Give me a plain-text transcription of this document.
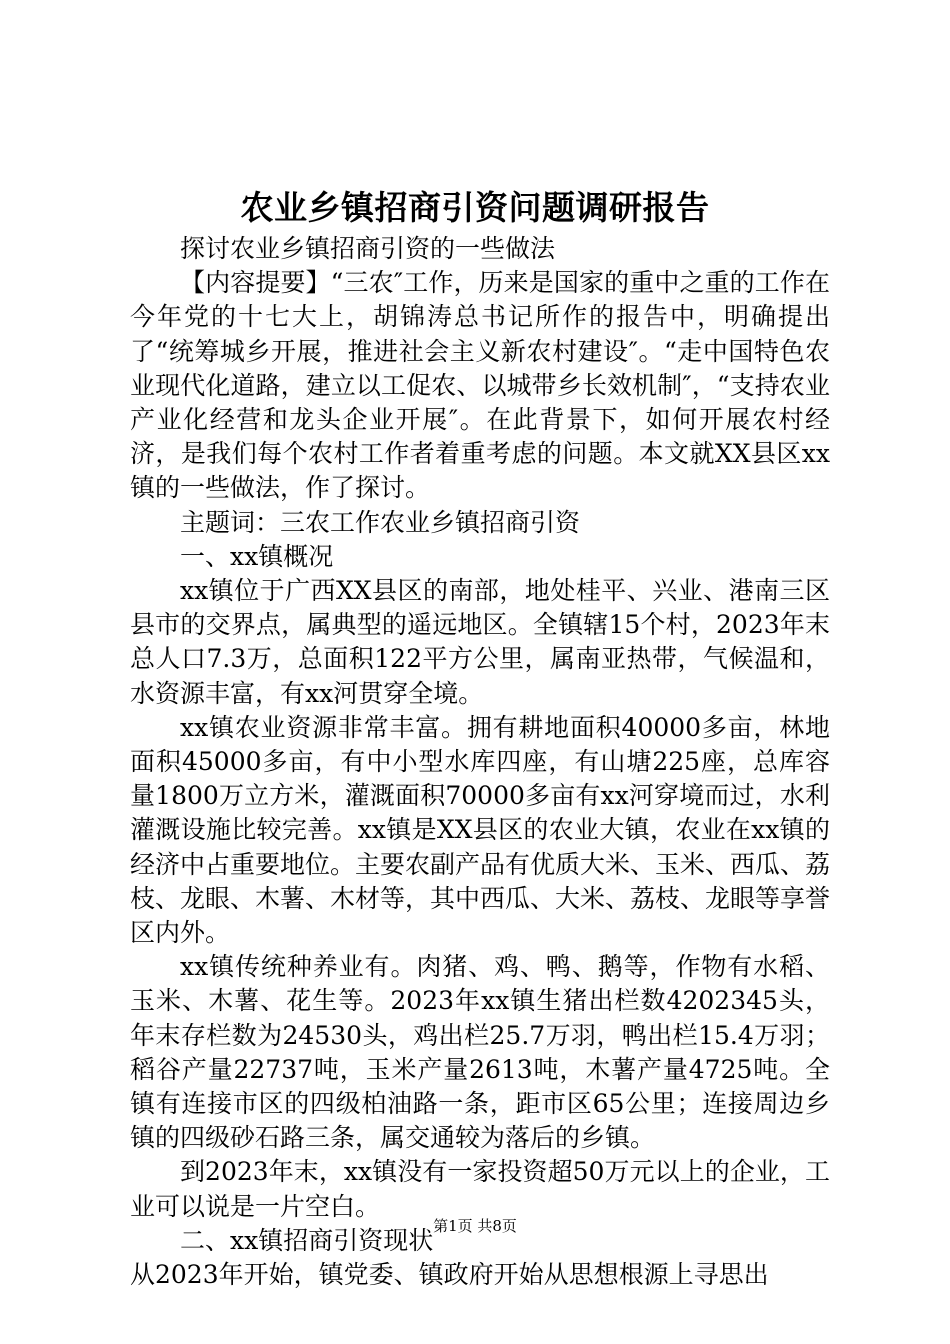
农业乡镇招商引资问题调研报告

探讨农业乡镇招商引资的一些做法

【内容提要】“三农″工作，历来是国家的重中之重的工作在今年党的十七大上，胡锦涛总书记所作的报告中，明确提出了“统筹城乡开展，推进社会主义新农村建设″。“走中国特色农业现代化道路，建立以工促农、以城带乡长效机制″，“支持农业产业化经营和龙头企业开展″。在此背景下，如何开展农村经济，是我们每个农村工作者着重考虑的问题。本文就XX县区xx镇的一些做法，作了探讨。

主题词：三农工作农业乡镇招商引资

一、xx镇概况

xx镇位于广西XX县区的南部，地处桂平、兴业、港南三区县市的交界点，属典型的遥远地区。全镇辖15个村，2023年末总人口7.3万，总面积122平方公里，属南亚热带，气候温和，水资源丰富，有xx河贯穿全境。

xx镇农业资源非常丰富。拥有耕地面积40000多亩，林地面积45000多亩，有中小型水库四座，有山塘225座，总库容量1800万立方米，灌溉面积70000多亩有xx河穿境而过，水利灌溉设施比较完善。xx镇是XX县区的农业大镇，农业在xx镇的经济中占重要地位。主要农副产品有优质大米、玉米、西瓜、荔枝、龙眼、木薯、木材等，其中西瓜、大米、荔枝、龙眼等享誉区内外。

xx镇传统种养业有。肉猪、鸡、鸭、鹅等，作物有水稻、玉米、木薯、花生等。2023年xx镇生猪出栏数4202345头，年末存栏数为24530头，鸡出栏25.7万羽，鸭出栏15.4万羽；稻谷产量22737吨，玉米产量2613吨，木薯产量4725吨。全镇有连接市区的四级柏油路一条，距市区65公里；连接周边乡镇的四级砂石路三条，属交通较为落后的乡镇。

到2023年末，xx镇没有一家投资超50万元以上的企业，工业可以说是一片空白。

二、xx镇招商引资现状

从2023年开始，镇党委、镇政府开始从思想根源上寻思出

第1页 共8页
